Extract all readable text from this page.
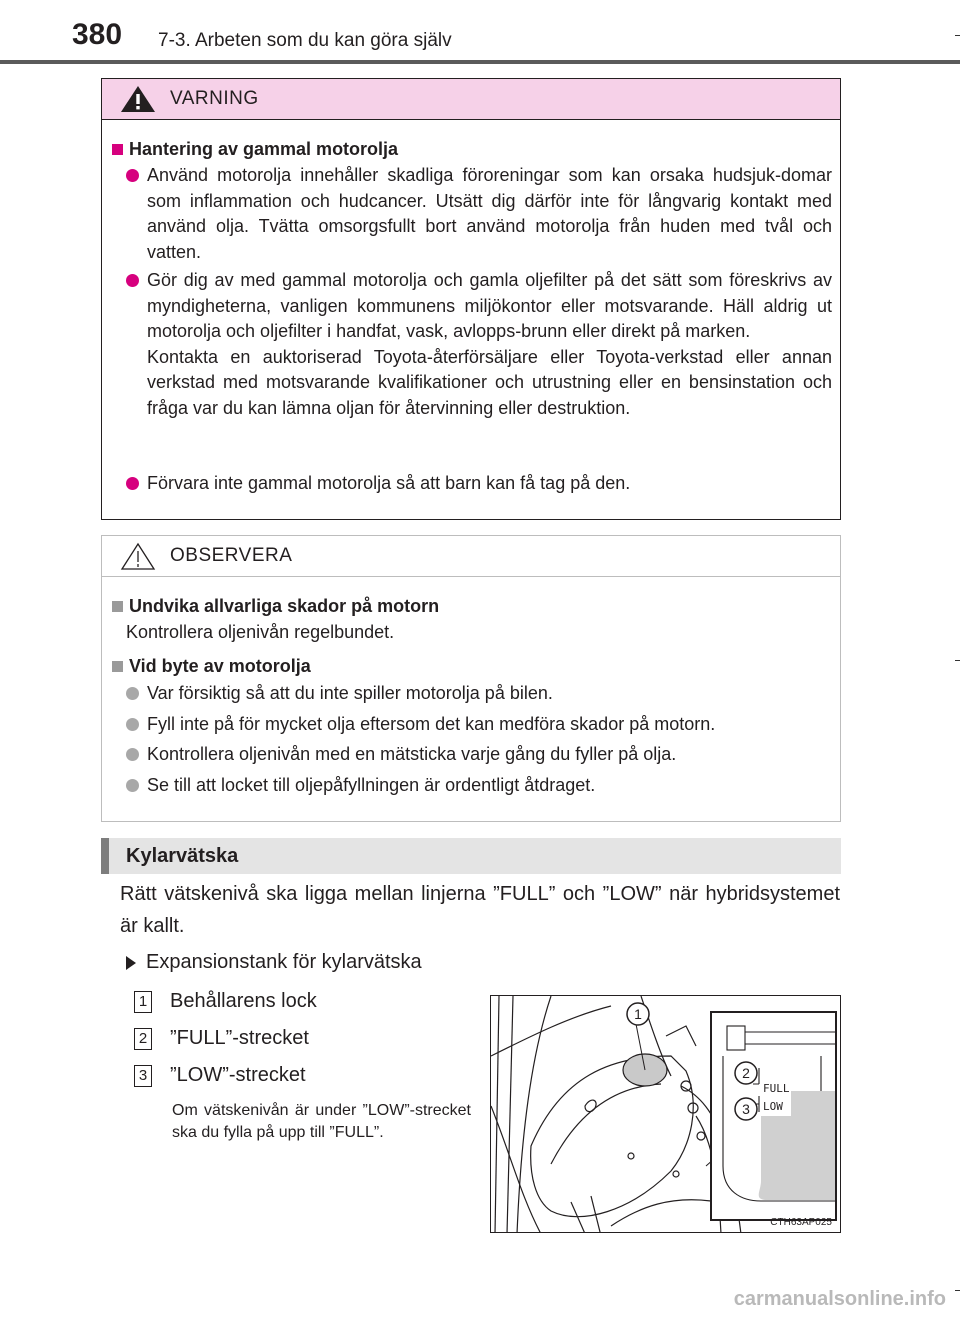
380 7-3. Arbeten som du kan göra själv
VARNING
Hantering av gammal motorolja
Använd motorolja innehåller skadliga föroreningar som kan orsaka hudsjuk-domar som inflammation och hudcancer. Utsätt dig därför inte för långvarig kontakt med använd olja. Tvätta omsorgsfullt bort använd motorolja från huden med tvål och vatten.
Gör dig av med gammal motorolja och gamla oljefilter på det sätt som föreskrivs av myndigheterna, vanligen kommunens miljökontor eller motsvarande. Häll aldrig ut motorolja och oljefilter i handfat, vask, avlopps-brunn eller direkt på marken.
Kontakta en auktoriserad Toyota-återförsäljare eller Toyota-verkstad eller annan verkstad med motsvarande kvalifikationer och utrustning eller en bensinstation och fråga var du kan lämna oljan för återvinning eller destruktion.
Förvara inte gammal motorolja så att barn kan få tag på den.
OBSERVERA
Undvika allvarliga skador på motorn
Kontrollera oljenivån regelbundet.
Vid byte av motorolja
Var försiktig så att du inte spiller motorolja på bilen.
Fyll inte på för mycket olja eftersom det kan medföra skador på motorn.
Kontrollera oljenivån med en mätsticka varje gång du fyller på olja.
Se till att locket till oljepåfyllningen är ordentligt åtdraget.
Kylarvätska
Rätt vätskenivå ska ligga mellan linjerna ”FULL” och ”LOW” när hybridsystemet är kallt.
Expansionstank för kylarvätska
1 Behållarens lock
2 ”FULL”-strecket
3 ”LOW”-strecket
Om vätskenivån är under ”LOW”-strecket ska du fylla på upp till ”FULL”.
FULL
LOW
1
2
3
CTH63AP025
carmanualsonline.info
